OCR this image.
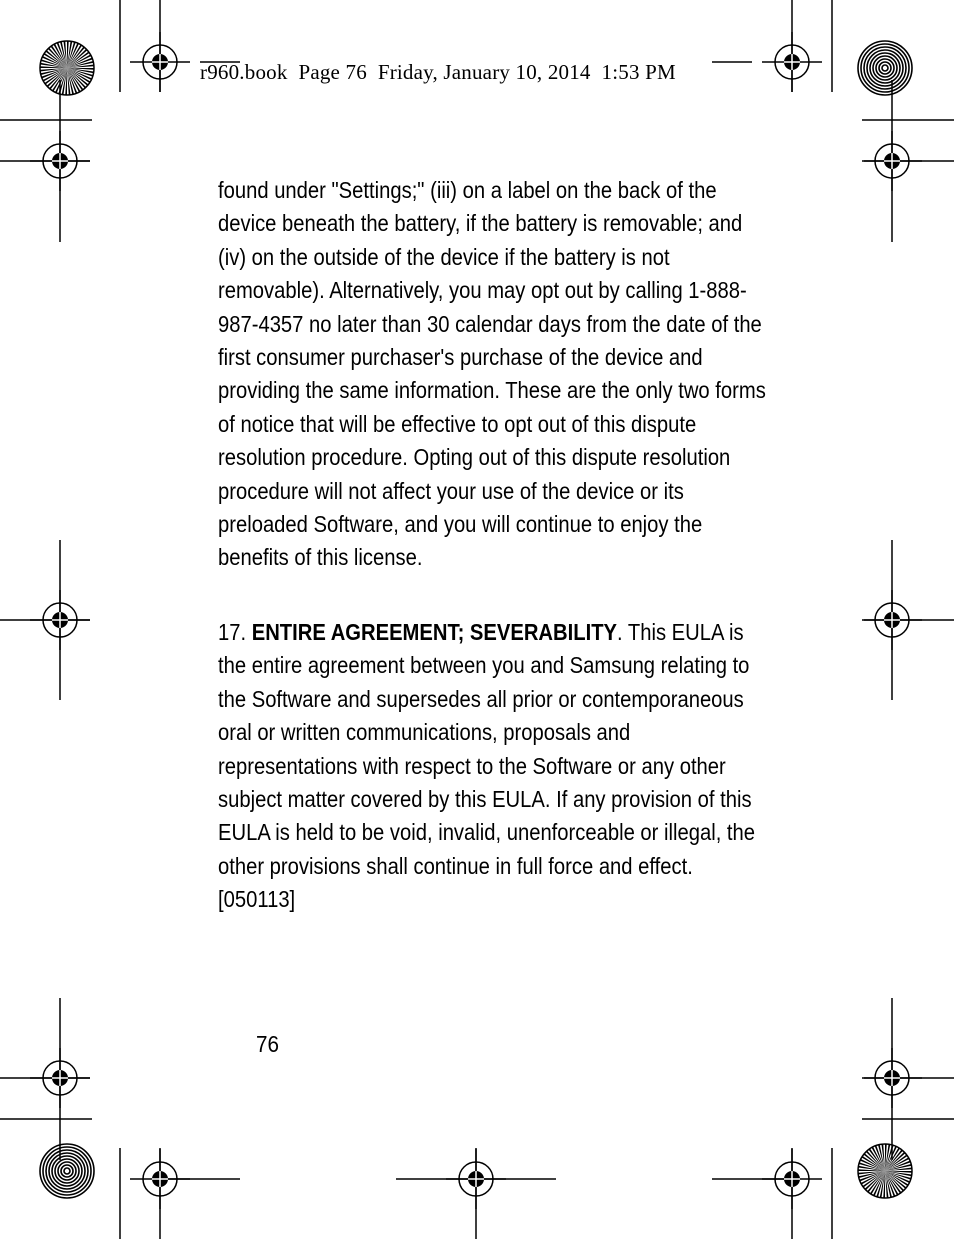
r960.book  Page 76  Friday, January 10, 2014  1:53 PM
found under "Settings;" (iii) on a label on the back of the device beneath the battery, if the battery is removable; and (iv) on the outside of the device if the battery is not removable). Alternatively, you may opt out by calling 1-888-987-4357 no later than 30 calendar days from the date of the first consumer purchaser's purchase of the device and providing the same information. These are the only two forms of notice that will be effective to opt out of this dispute resolution procedure. Opting out of this dispute resolution procedure will not affect your use of the device or its preloaded Software, and you will continue to enjoy the benefits of this license.
17. ENTIRE AGREEMENT; SEVERABILITY. This EULA is the entire agreement between you and Samsung relating to the Software and supersedes all prior or contemporaneous oral or written communications, proposals and representations with respect to the Software or any other subject matter covered by this EULA. If any provision of this EULA is held to be void, invalid, unenforceable or illegal, the other provisions shall continue in full force and effect. [050113]
76
